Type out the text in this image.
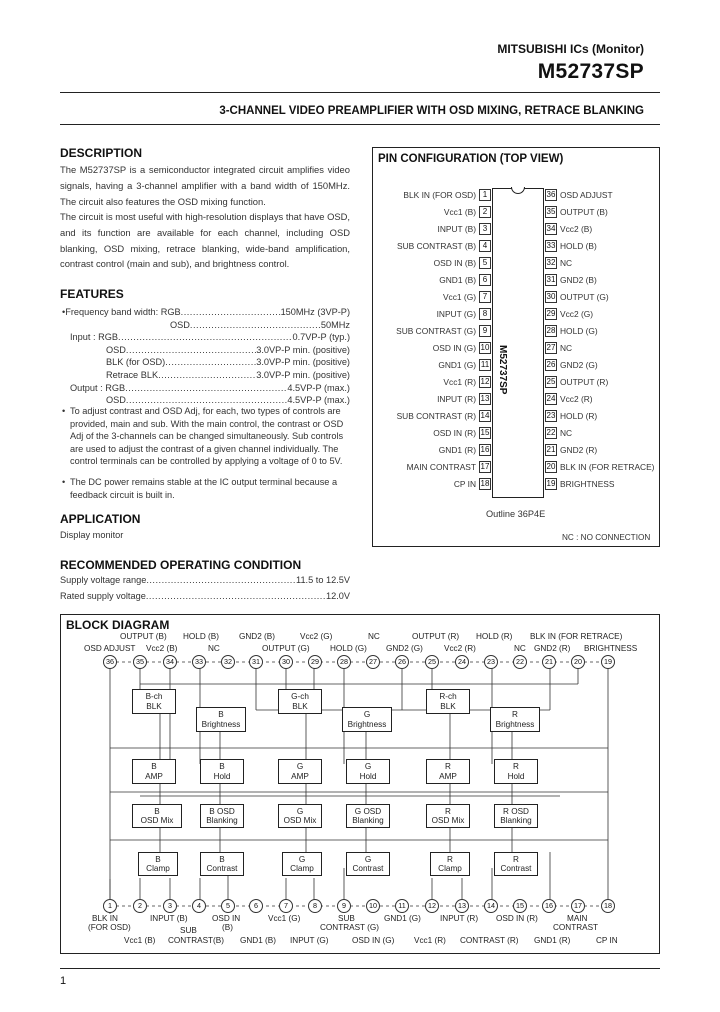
MITSUBISHI ICs (Monitor)
M52737SP
3-CHANNEL VIDEO PREAMPLIFIER WITH OSD MIXING, RETRACE BLANKING
DESCRIPTION
The M52737SP is a semiconductor integrated circuit amplifies video signals, having a 3-channel amplifier with a band width of 150MHz. The circuit also features the OSD mixing function.
The circuit is most useful with high-resolution displays that have OSD, and its function are available for each channel, including OSD blanking, OSD mixing, retrace blanking, wide-band amplification, contrast control (main and sub), and brightness control.
FEATURES
• Frequency band width: RGB .....	150MHz (3VP-P)
OSD .....	50MHz
Input : RGB .....	0.7VP-P (typ.)
OSD .....	3.0VP-P min. (positive)
BLK (for OSD) .....	3.0VP-P min. (positive)
Retrace BLK .....	3.0VP-P min. (positive)
Output : RGB .....	4.5VP-P (max.)
OSD .....	4.5VP-P (max.)
• To adjust contrast and OSD Adj, for each, two types of controls are provided, main and sub. With the main control, the contrast or OSD Adj of the 3-channels can be changed simultaneously. Sub controls are used to adjust the contrast of a given channel individually. The control terminals can be controlled by applying a voltage of 0 to 5V.
• The DC power remains stable at the IC output terminal because a feedback circuit is built in.
APPLICATION
Display monitor
RECOMMENDED OPERATING CONDITION
Supply voltage range .....	11.5 to 12.5V
Rated supply voltage .....	12.0V
PIN CONFIGURATION (TOP VIEW)
M52737SP
BLK IN (FOR OSD) 1
Vcc1 (B) 2
INPUT (B) 3
SUB CONTRAST (B) 4
OSD IN (B) 5
GND1 (B) 6
Vcc1 (G) 7
INPUT (G) 8
SUB CONTRAST (G) 9
OSD IN (G) 10
GND1 (G) 11
Vcc1 (R) 12
INPUT (R) 13
SUB CONTRAST (R) 14
OSD IN (R) 15
GND1 (R) 16
MAIN CONTRAST 17
CP IN 18
36 OSD ADJUST
35 OUTPUT (B)
34 Vcc2 (B)
33 HOLD (B)
32 NC
31 GND2 (B)
30 OUTPUT (G)
29 Vcc2 (G)
28 HOLD (G)
27 NC
26 GND2 (G)
25 OUTPUT (R)
24 Vcc2 (R)
23 HOLD (R)
22 NC
21 GND2 (R)
20 BLK IN (FOR RETRACE)
19 BRIGHTNESS
Outline 36P4E
NC : NO CONNECTION
BLOCK DIAGRAM
36	35	34	33	32	31	30	29	28	27	26	25	24	23	22	21	20	19
1	2	3	4	5	6	7	8	9	10	11	12	13	14	15	16	17	18
OUTPUT (B) HOLD (B) GND2 (B)	Vcc2 (G)	NC	OUTPUT (R) HOLD (R) BLK IN (FOR RETRACE)
OSD ADJUST Vcc2 (B)	NC	OUTPUT (G) HOLD (G) GND2 (G)	Vcc2 (R)	NC GND2 (R) BRIGHTNESS
B-ch
BLK
G-ch
BLK
R-ch
BLK
B
Brightness
G
Brightness
R
Brightness
B
AMP
B
Hold
G
AMP
G
Hold
R
AMP
R
Hold
B
OSD Mix
B OSD
Blanking
G
OSD Mix
G OSD
Blanking
R
OSD Mix
R OSD
Blanking
B
Clamp
B
Contrast
G
Clamp
G
Contrast
R
Clamp
R
Contrast
BLK IN	INPUT (B)	OSD IN	Vcc1 (G)	SUB	GND1 (G) INPUT (R) OSD IN (R)	MAIN
(FOR OSD)	SUB	(B)	CONTRAST (G)	CONTRAST
Vcc1 (B) CONTRAST(B) GND1 (B) INPUT (G)	OSD IN (G) Vcc1 (R) CONTRAST (R) GND1 (R)	CP IN
1
